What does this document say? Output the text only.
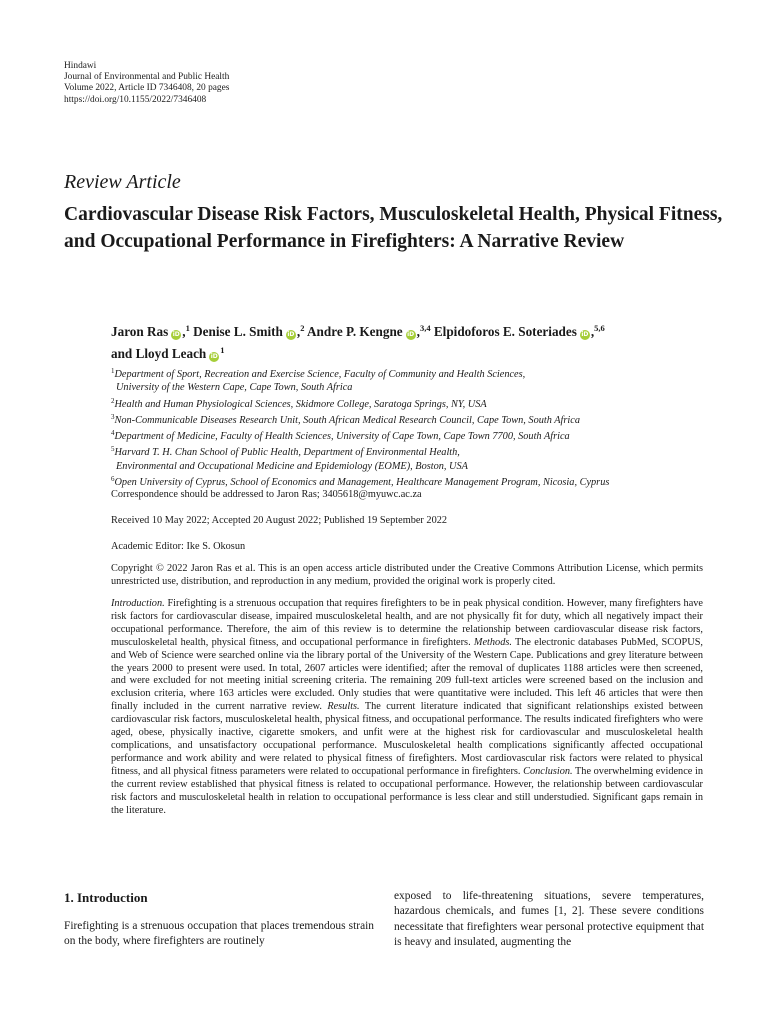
Hindawi
Journal of Environmental and Public Health
Volume 2022, Article ID 7346408, 20 pages
https://doi.org/10.1155/2022/7346408
Review Article
Cardiovascular Disease Risk Factors, Musculoskeletal Health, Physical Fitness, and Occupational Performance in Firefighters: A Narrative Review
Jaron Ras iD ,$^1$ Denise L. Smith iD ,$^2$ Andre P. Kengne iD ,$^{3,4}$ Elpidoforos E. Soteriades iD ,$^{5,6}$
and Lloyd Leach $iD^1$
$^1$Department of Sport, Recreation and Exercise Science, Faculty of Community and Health Sciences,
University of the Western Cape, Cape Town, South Africa
$^2$Health and Human Physiological Sciences, Skidmore College, Saratoga Springs, NY, USA
$^3$Non-Communicable Diseases Research Unit, South African Medical Research Council, Cape Town, South Africa
$^4$Department of Medicine, Faculty of Health Sciences, University of Cape Town, Cape Town 7700, South Africa
$^5$Harvard T. H. Chan School of Public Health, Department of Environmental Health,
Environmental and Occupational Medicine and Epidemiology (EOME), Boston, USA
$^6$Open University of Cyprus, School of Economics and Management, Healthcare Management Program, Nicosia, Cyprus
Correspondence should be addressed to Jaron Ras; 3405618@myuwc.ac.za
Received 10 May 2022; Accepted 20 August 2022; Published 19 September 2022
Academic Editor: Ike S. Okosun
Copyright © 2022 Jaron Ras et al. This is an open access article distributed under the Creative Commons Attribution License, which permits unrestricted use, distribution, and reproduction in any medium, provided the original work is properly cited.
Introduction. Firefighting is a strenuous occupation that requires firefighters to be in peak physical condition. However, many firefighters have risk factors for cardiovascular disease, impaired musculoskeletal health, and are not physically fit for duty, which all negatively impact their occupational performance. Therefore, the aim of this review is to determine the relationship between cardiovascular disease risk factors, musculoskeletal health, physical fitness, and occupational performance in firefighters. Methods. The electronic databases PubMed, SCOPUS, and Web of Science were searched online via the library portal of the University of the Western Cape. Publications and grey literature between the years 2000 to present were used. In total, 2607 articles were identified; after the removal of duplicates 1188 articles were then screened, and were excluded for not meeting initial screening criteria. The remaining 209 full-text articles were screened based on the inclusion and exclusion criteria, where 163 articles were excluded. Only studies that were quantitative were included. This left 46 articles that were then finally included in the current narrative review. Results. The current literature indicated that significant relationships existed between cardiovascular risk factors, musculoskeletal health, physical fitness, and occupational performance. The results indicated firefighters who were aged, obese, physically inactive, cigarette smokers, and unfit were at the highest risk for cardiovascular and musculoskeletal health complications, and unsatisfactory occupational performance. Musculoskeletal health complications significantly affected occupational performance and work ability and were related to physical fitness of firefighters. Most cardiovascular risk factors were related to physical fitness, and all physical fitness parameters were related to occupational performance in firefighters. Conclusion. The overwhelming evidence in the current review established that physical fitness is related to occupational performance. However, the relationship between cardiovascular risk factors and musculoskeletal health in relation to occupational performance is less clear and still understudied. Significant gaps remain in the literature.
1. Introduction
Firefighting is a strenuous occupation that places tremendous strain on the body, where firefighters are routinely
exposed to life-threatening situations, severe temperatures, hazardous chemicals, and fumes [1, 2]. These severe conditions necessitate that firefighters wear personal protective equipment that is heavy and insulated, augmenting the
